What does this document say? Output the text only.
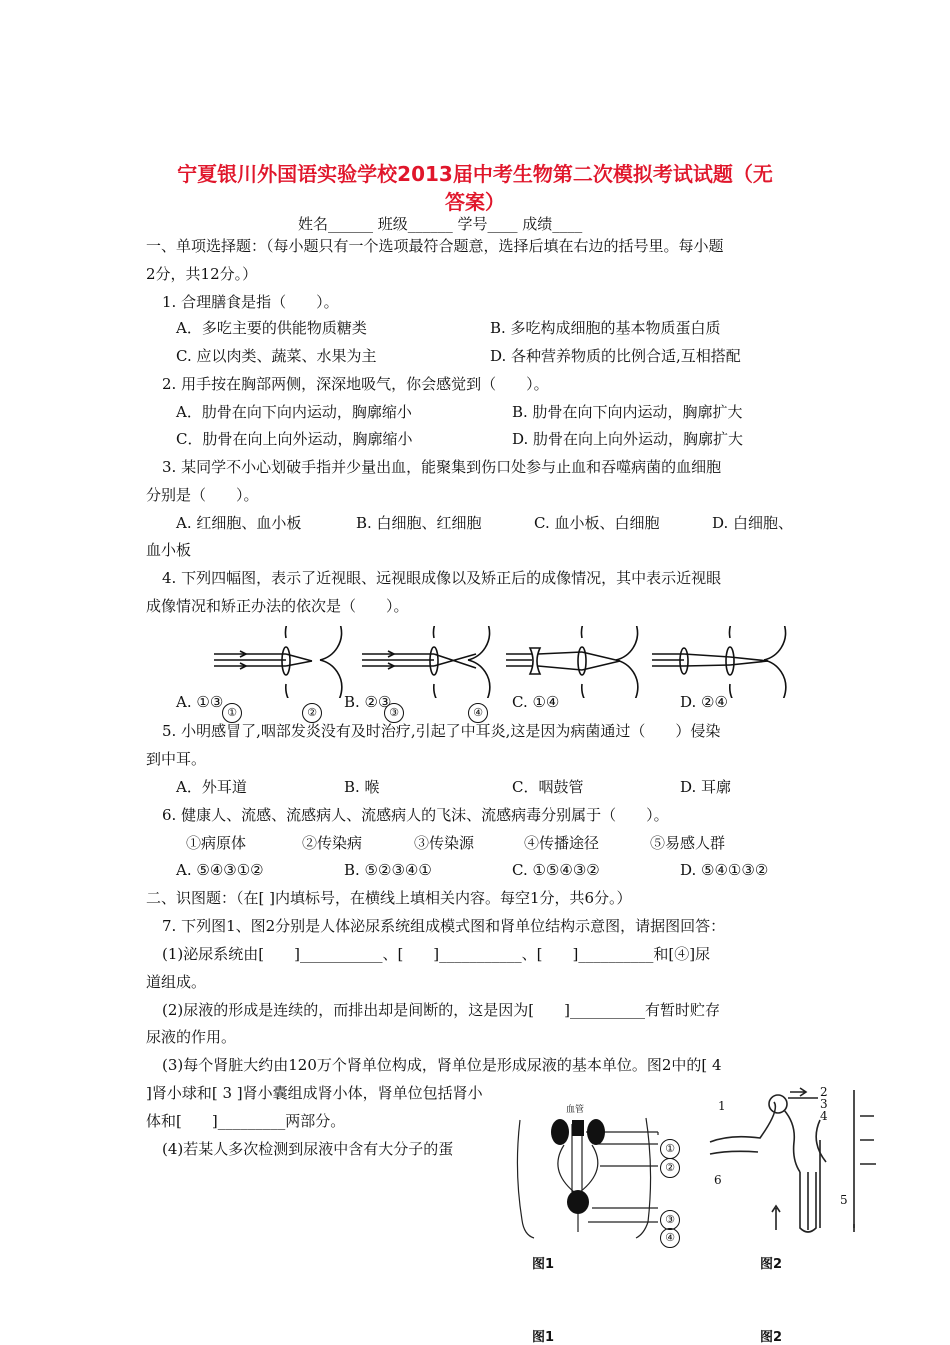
宁夏银川外国语实验学校2013届中考生物第二次模拟考试试题（无
答案）
姓名______ 班级______ 学号____ 成绩____
一、单项选择题：（每小题只有一个选项最符合题意，选择后填在右边的括号里。每小题
2分，共12分。）
1. 合理膳食是指（　　）。
A．多吃主要的供能物质糖类	B. 多吃构成细胞的基本物质蛋白质
C. 应以肉类、蔬菜、水果为主	D. 各种营养物质的比例合适,互相搭配
2. 用手按在胸部两侧，深深地吸气，你会感觉到（　　）。
A．肋骨在向下向内运动，胸廓缩小	B. 肋骨在向下向内运动，胸廓扩大
C．肋骨在向上向外运动，胸廓缩小	D. 肋骨在向上向外运动，胸廓扩大
3. 某同学不小心划破手指并少量出血，能聚集到伤口处参与止血和吞噬病菌的血细胞
分别是（　　）。
A. 红细胞、血小板	B. 白细胞、红细胞	C. 血小板、白细胞	D. 白细胞、
血小板
4. 下列四幅图，表示了近视眼、远视眼成像以及矫正后的成像情况，其中表示近视眼
成像情况和矫正办法的依次是（　　）。
A. ①③	B. ②③	C. ①④	D. ②④
①	②	③	④
5. 小明感冒了,咽部发炎没有及时治疗,引起了中耳炎,这是因为病菌通过（　　）侵染
到中耳。
A．外耳道	B. 喉	C．咽鼓管	D. 耳廓
6. 健康人、流感、流感病人、流感病人的飞沫、流感病毒分别属于（　　）。
①病原体	②传染病	③传染源	④传播途径	⑤易感人群
A. ⑤④③①②	B. ⑤②③④①	C. ①⑤④③②	D. ⑤④①③②
二、识图题：（在[ ]内填标号，在横线上填相关内容。每空1分，共6分。）
7. 下列图1、图2分别是人体泌尿系统组成模式图和肾单位结构示意图，请据图回答：
(1)泌尿系统由[　　]___________、[　　]___________、[　　]__________和[④]尿
道组成。
(2)尿液的形成是连续的，而排出却是间断的，这是因为[　　]__________有暂时贮存
尿液的作用。
(3)每个肾脏大约由120万个肾单位构成，肾单位是形成尿液的基本单位。图2中的[ 4
]肾小球和[ 3 ]肾小囊组成肾小体，肾单位包括肾小
体和[　　]_________两部分。
(4)若某人多次检测到尿液中含有大分子的蛋
血管
①
②
③
④
1
2
3
4
5
6
图1	图2
图1	图2
